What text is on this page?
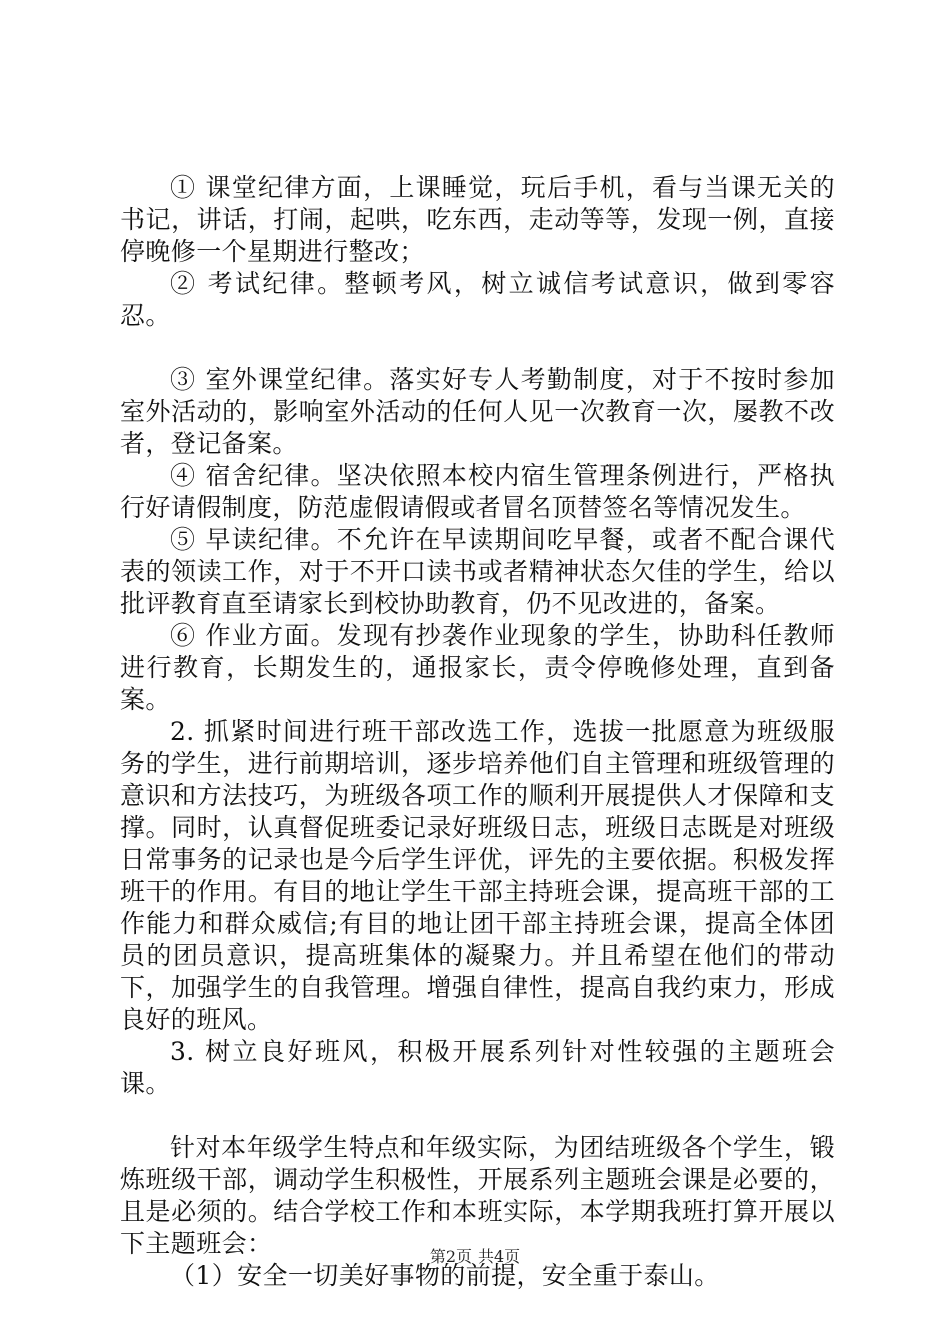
① 课堂纪律方面，上课睡觉，玩后手机，看与当课无关的书记，讲话，打闹，起哄，吃东西，走动等等，发现一例，直接停晚修一个星期进行整改；

② 考试纪律。整顿考风，树立诚信考试意识，做到零容忍。

③ 室外课堂纪律。落实好专人考勤制度，对于不按时参加室外活动的，影响室外活动的任何人见一次教育一次，屡教不改者，登记备案。

④ 宿舍纪律。坚决依照本校内宿生管理条例进行，严格执行好请假制度，防范虚假请假或者冒名顶替签名等情况发生。

⑤ 早读纪律。不允许在早读期间吃早餐，或者不配合课代表的领读工作，对于不开口读书或者精神状态欠佳的学生，给以批评教育直至请家长到校协助教育，仍不见改进的，备案。

⑥ 作业方面。发现有抄袭作业现象的学生，协助科任教师进行教育，长期发生的，通报家长，责令停晚修处理，直到备案。

2. 抓紧时间进行班干部改选工作，选拔一批愿意为班级服务的学生，进行前期培训，逐步培养他们自主管理和班级管理的意识和方法技巧，为班级各项工作的顺利开展提供人才保障和支撑。同时，认真督促班委记录好班级日志，班级日志既是对班级日常事务的记录也是今后学生评优，评先的主要依据。积极发挥班干的作用。有目的地让学生干部主持班会课，提高班干部的工作能力和群众威信;有目的地让团干部主持班会课，提高全体团员的团员意识，提高班集体的凝聚力。并且希望在他们的带动下，加强学生的自我管理。增强自律性，提高自我约束力，形成良好的班风。

3. 树立良好班风，积极开展系列针对性较强的主题班会课。

针对本年级学生特点和年级实际，为团结班级各个学生，锻炼班级干部，调动学生积极性，开展系列主题班会课是必要的，且是必须的。结合学校工作和本班实际，本学期我班打算开展以下主题班会：

（1）安全一切美好事物的前提，安全重于泰山。

第2页 共4页
